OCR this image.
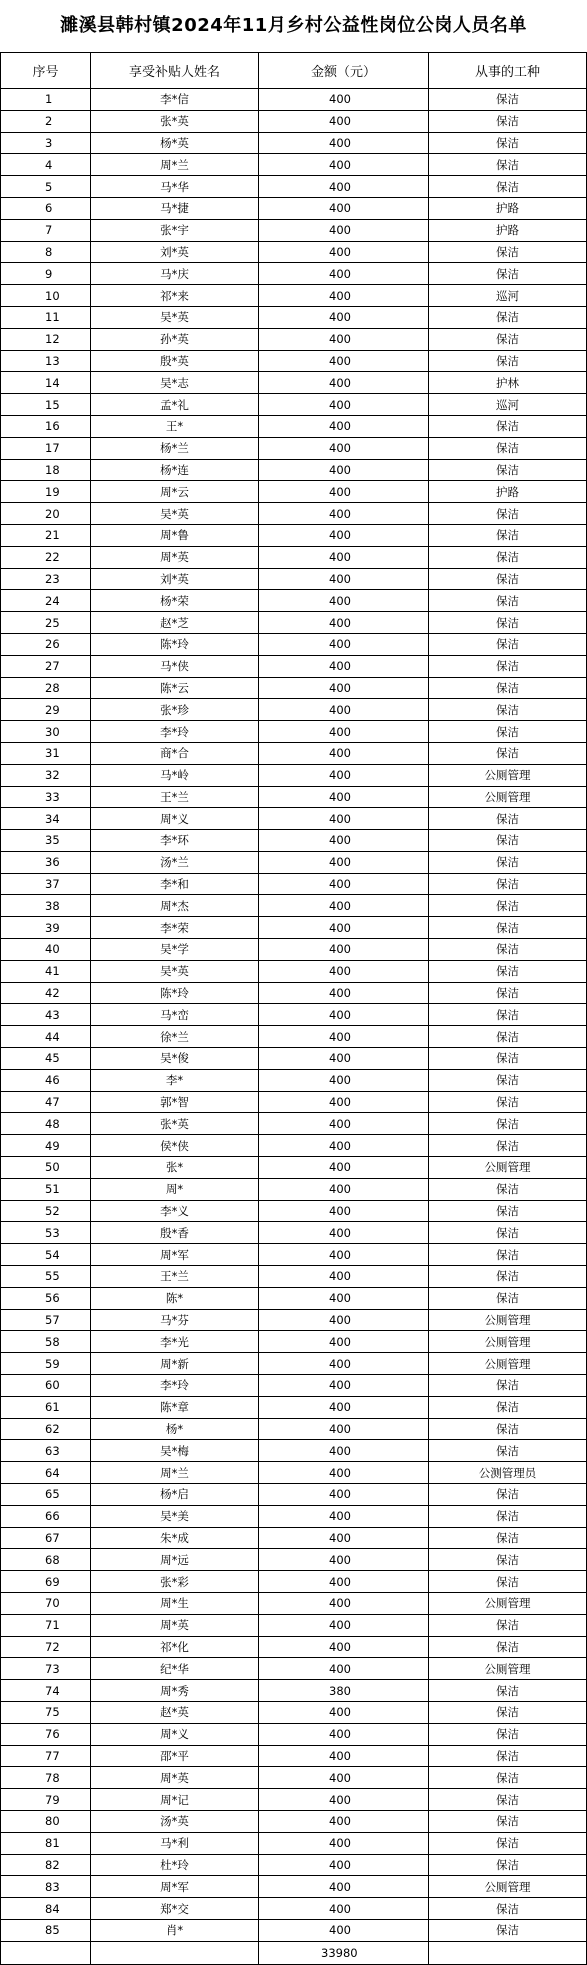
濉溪县韩村镇2024年11月乡村公益性岗位公岗人员名单
序号	享受补贴人姓名	金额（元）	从事的工种
1	李*信	400	保洁
2	张*英	400	保洁
3	杨*英	400	保洁
4	周*兰	400	保洁
5	马*华	400	保洁
6	马*捷	400	护路
7	张*宇	400	护路
8	刘*英	400	保洁
9	马*庆	400	保洁
10	祁*来	400	巡河
11	吴*英	400	保洁
12	孙*英	400	保洁
13	殷*英	400	保洁
14	吴*志	400	护林
15	孟*礼	400	巡河
16	王*	400	保洁
17	杨*兰	400	保洁
18	杨*连	400	保洁
19	周*云	400	护路
20	吴*英	400	保洁
21	周*鲁	400	保洁
22	周*英	400	保洁
23	刘*英	400	保洁
24	杨*荣	400	保洁
25	赵*芝	400	保洁
26	陈*玲	400	保洁
27	马*侠	400	保洁
28	陈*云	400	保洁
29	张*珍	400	保洁
30	李*玲	400	保洁
31	商*合	400	保洁
32	马*岭	400	公厕管理
33	王*兰	400	公厕管理
34	周*义	400	保洁
35	李*环	400	保洁
36	汤*兰	400	保洁
37	李*和	400	保洁
38	周*杰	400	保洁
39	李*荣	400	保洁
40	吴*学	400	保洁
41	吴*英	400	保洁
42	陈*玲	400	保洁
43	马*峦	400	保洁
44	徐*兰	400	保洁
45	吴*俊	400	保洁
46	李*	400	保洁
47	郭*智	400	保洁
48	张*英	400	保洁
49	侯*侠	400	保洁
50	张*	400	公厕管理
51	周*	400	保洁
52	李*义	400	保洁
53	殷*香	400	保洁
54	周*军	400	保洁
55	王*兰	400	保洁
56	陈*	400	保洁
57	马*芬	400	公厕管理
58	李*光	400	公厕管理
59	周*新	400	公厕管理
60	李*玲	400	保洁
61	陈*章	400	保洁
62	杨*	400	保洁
63	吴*梅	400	保洁
64	周*兰	400	公测管理员
65	杨*启	400	保洁
66	吴*美	400	保洁
67	朱*成	400	保洁
68	周*远	400	保洁
69	张*彩	400	保洁
70	周*生	400	公厕管理
71	周*英	400	保洁
72	祁*化	400	保洁
73	纪*华	400	公厕管理
74	周*秀	380	保洁
75	赵*英	400	保洁
76	周*义	400	保洁
77	邵*平	400	保洁
78	周*英	400	保洁
79	周*记	400	保洁
80	汤*英	400	保洁
81	马*利	400	保洁
82	杜*玲	400	保洁
83	周*军	400	公厕管理
84	郑*交	400	保洁
85	肖*	400	保洁
		33980	
